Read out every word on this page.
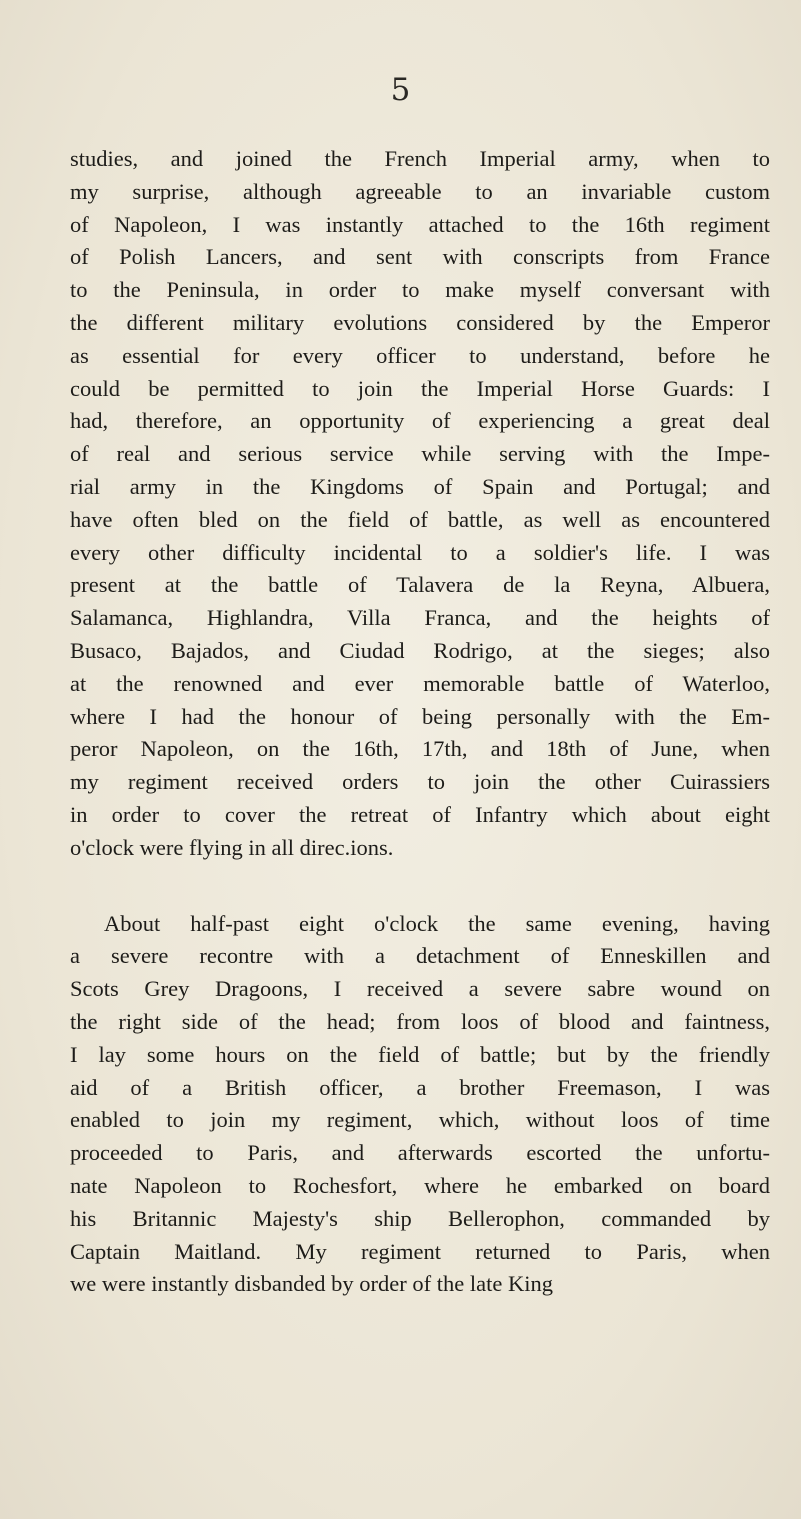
5
studies, and joined the French Imperial army, when to
my surprise, although agreeable to an invariable custom
of Napoleon, I was instantly attached to the 16th regiment
of Polish Lancers, and sent with conscripts from France
to the Peninsula, in order to make myself conversant with
the different military evolutions considered by the Emperor
as essential for every officer to understand, before he
could be permitted to join the Imperial Horse Guards: I
had, therefore, an opportunity of experiencing a great deal
of real and serious service while serving with the Impe-
rial army in the Kingdoms of Spain and Portugal; and
have often bled on the field of battle, as well as encountered
every other difficulty incidental to a soldier's life. I was
present at the battle of Talavera de la Reyna, Albuera,
Salamanca, Highlandra, Villa Franca, and the heights of
Busaco, Bajados, and Ciudad Rodrigo, at the sieges; also
at the renowned and ever memorable battle of Waterloo,
where I had the honour of being personally with the Em-
peror Napoleon, on the 16th, 17th, and 18th of June, when
my regiment received orders to join the other Cuirassiers
in order to cover the retreat of Infantry which about eight
o'clock were flying in all direc.ions.
About half-past eight o'clock the same evening, having
a severe recontre with a detachment of Enneskillen and
Scots Grey Dragoons, I received a severe sabre wound on
the right side of the head; from loos of blood and faintness,
I lay some hours on the field of battle; but by the friendly
aid of a British officer, a brother Freemason, I was
enabled to join my regiment, which, without loos of time
proceeded to Paris, and afterwards escorted the unfortu-
nate Napoleon to Rochesfort, where he embarked on board
his Britannic Majesty's ship Bellerophon, commanded by
Captain Maitland. My regiment returned to Paris, when
we were instantly disbanded by order of the late King
